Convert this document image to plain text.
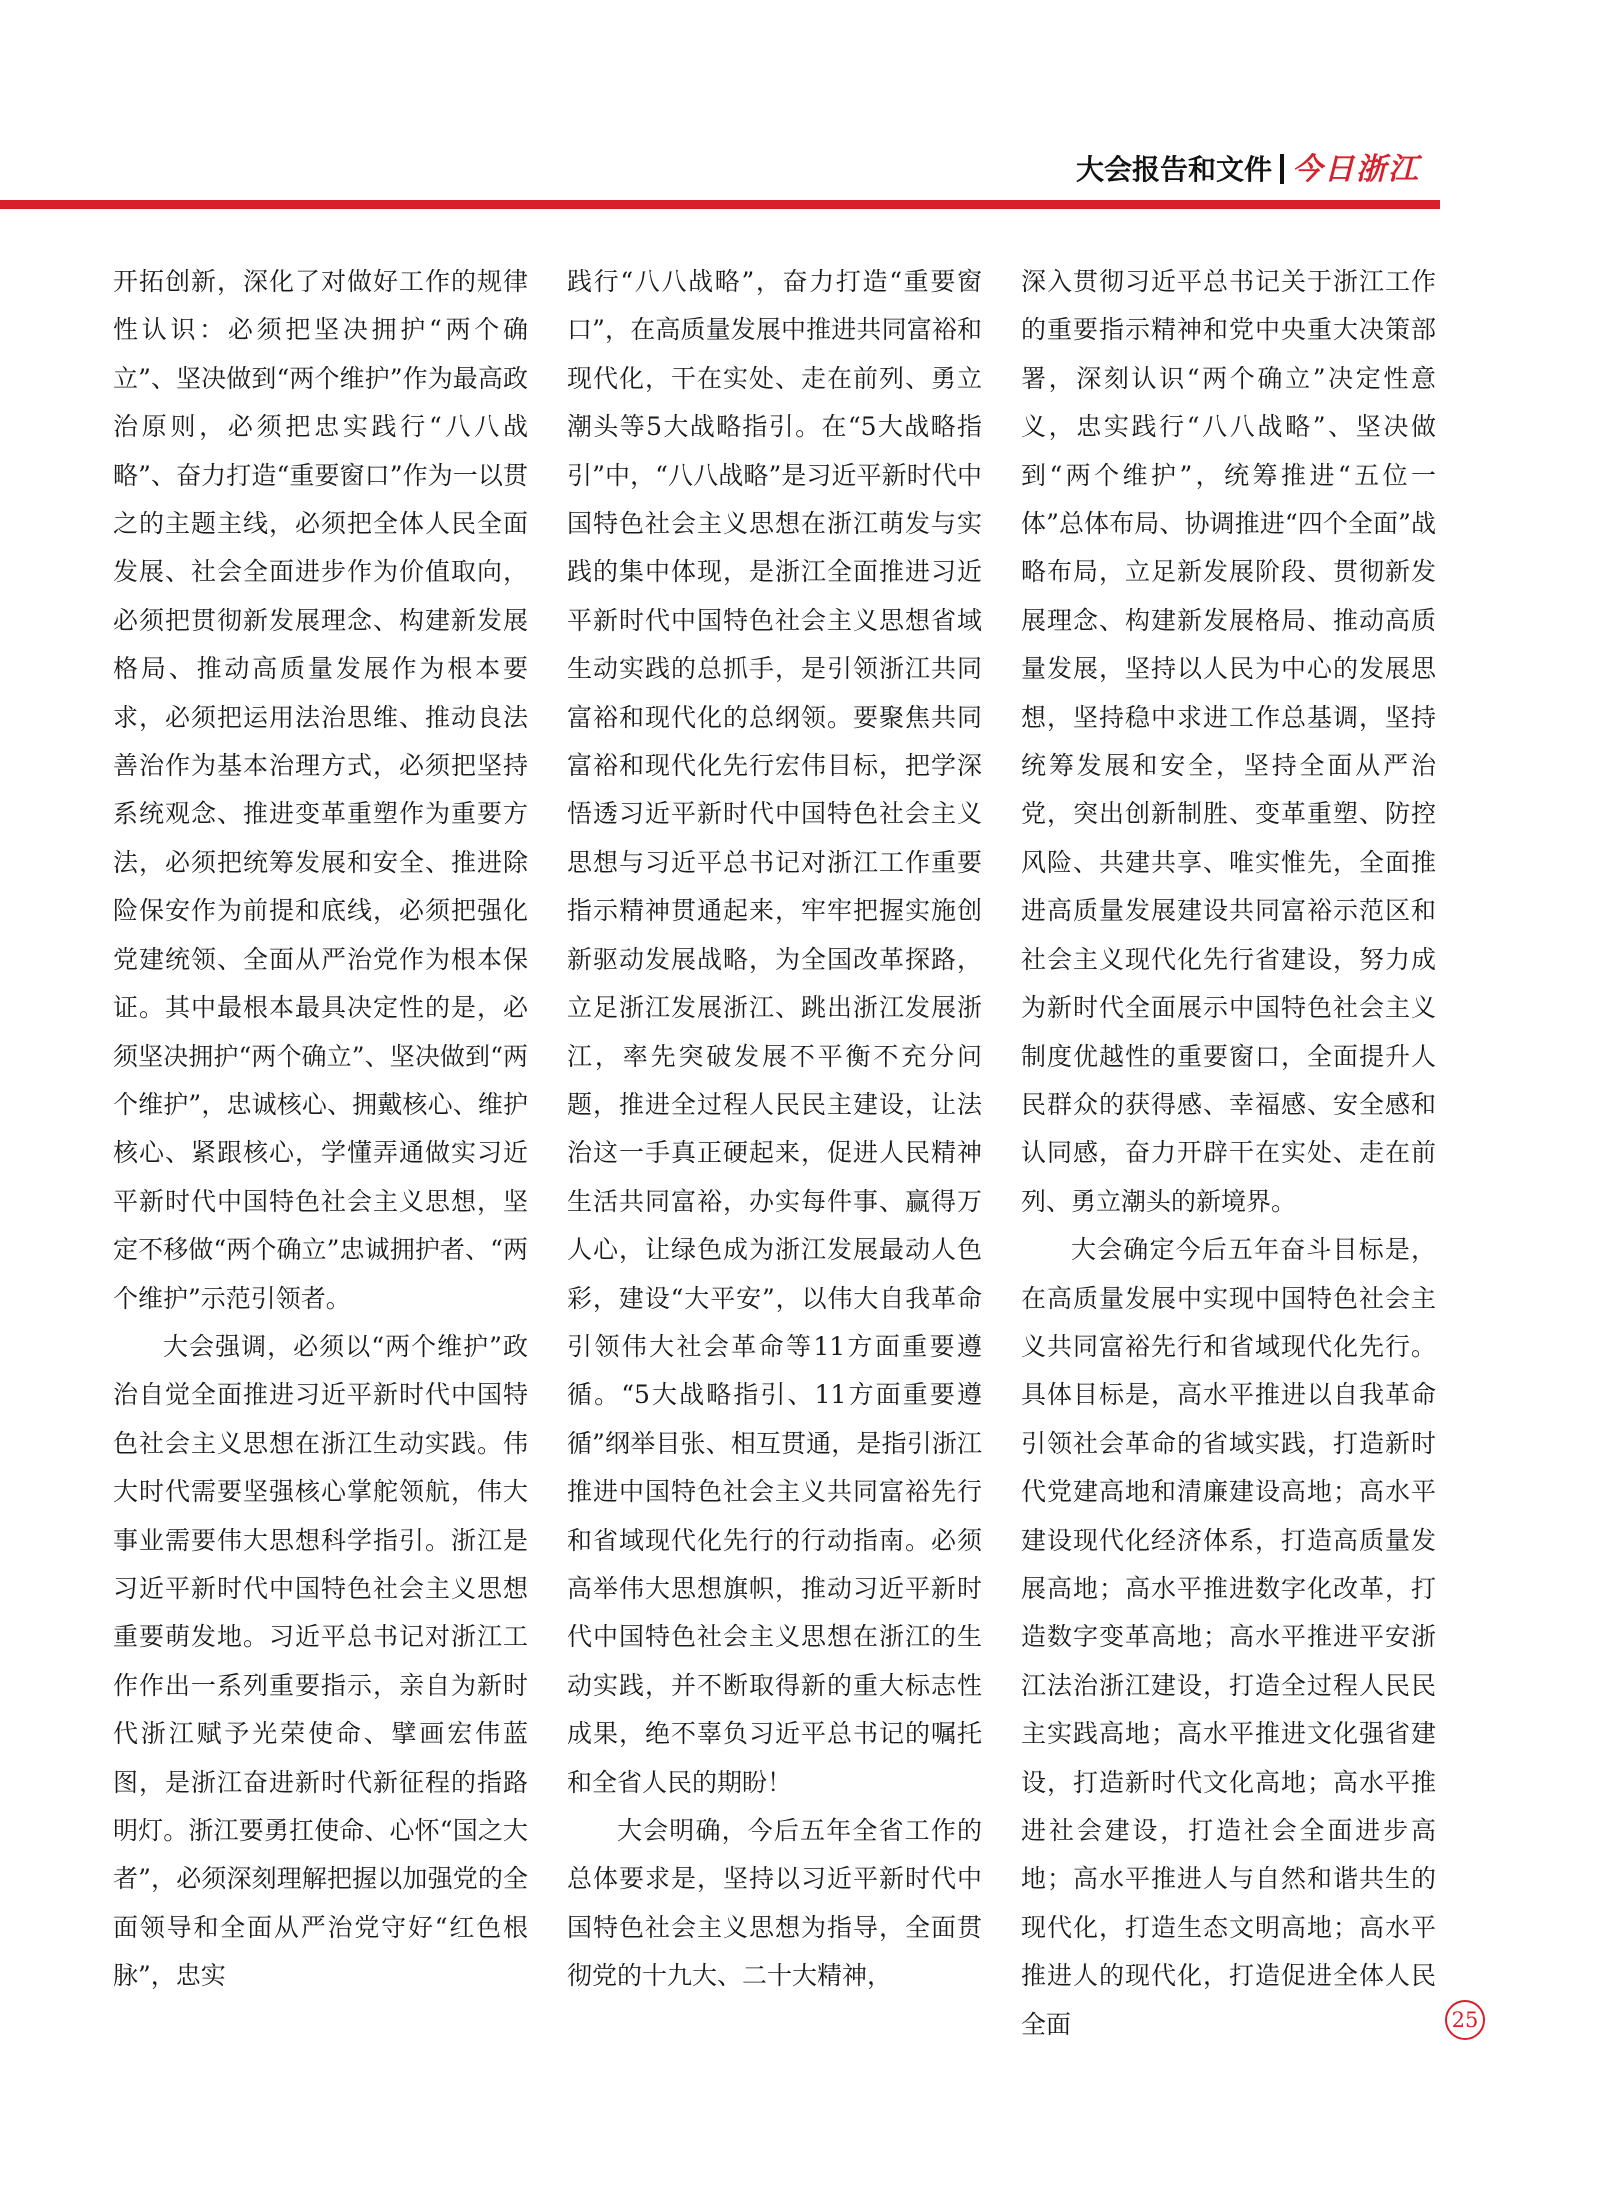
大会报告和文件 今日浙江

开拓创新，深化了对做好工作的规律性认识：必须把坚决拥护“两个确立”、坚决做到“两个维护”作为最高政治原则，必须把忠实践行“八八战略”、奋力打造“重要窗口”作为一以贯之的主题主线，必须把全体人民全面发展、社会全面进步作为价值取向，必须把贯彻新发展理念、构建新发展格局、推动高质量发展作为根本要求，必须把运用法治思维、推动良法善治作为基本治理方式，必须把坚持系统观念、推进变革重塑作为重要方法，必须把统筹发展和安全、推进除险保安作为前提和底线，必须把强化党建统领、全面从严治党作为根本保证。其中最根本最具决定性的是，必须坚决拥护“两个确立”、坚决做到“两个维护”，忠诚核心、拥戴核心、维护核心、紧跟核心，学懂弄通做实习近平新时代中国特色社会主义思想，坚定不移做“两个确立”忠诚拥护者、“两个维护”示范引领者。

大会强调，必须以“两个维护”政治自觉全面推进习近平新时代中国特色社会主义思想在浙江生动实践。伟大时代需要坚强核心掌舵领航，伟大事业需要伟大思想科学指引。浙江是习近平新时代中国特色社会主义思想重要萌发地。习近平总书记对浙江工作作出一系列重要指示，亲自为新时代浙江赋予光荣使命、擘画宏伟蓝图，是浙江奋进新时代新征程的指路明灯。浙江要勇扛使命、心怀“国之大者”，必须深刻理解把握以加强党的全面领导和全面从严治党守好“红色根脉”，忠实

践行“八八战略”，奋力打造“重要窗口”，在高质量发展中推进共同富裕和现代化，干在实处、走在前列、勇立潮头等5大战略指引。在“5大战略指引”中，“八八战略”是习近平新时代中国特色社会主义思想在浙江萌发与实践的集中体现，是浙江全面推进习近平新时代中国特色社会主义思想省域生动实践的总抓手，是引领浙江共同富裕和现代化的总纲领。要聚焦共同富裕和现代化先行宏伟目标，把学深悟透习近平新时代中国特色社会主义思想与习近平总书记对浙江工作重要指示精神贯通起来，牢牢把握实施创新驱动发展战略，为全国改革探路，立足浙江发展浙江、跳出浙江发展浙江，率先突破发展不平衡不充分问题，推进全过程人民民主建设，让法治这一手真正硬起来，促进人民精神生活共同富裕，办实每件事、赢得万人心，让绿色成为浙江发展最动人色彩，建设“大平安”，以伟大自我革命引领伟大社会革命等11方面重要遵循。“5大战略指引、11方面重要遵循”纲举目张、相互贯通，是指引浙江推进中国特色社会主义共同富裕先行和省域现代化先行的行动指南。必须高举伟大思想旗帜，推动习近平新时代中国特色社会主义思想在浙江的生动实践，并不断取得新的重大标志性成果，绝不辜负习近平总书记的嘱托和全省人民的期盼！

大会明确，今后五年全省工作的总体要求是，坚持以习近平新时代中国特色社会主义思想为指导，全面贯彻党的十九大、二十大精神，

深入贯彻习近平总书记关于浙江工作的重要指示精神和党中央重大决策部署，深刻认识“两个确立”决定性意义，忠实践行“八八战略”、坚决做到“两个维护”，统筹推进“五位一体”总体布局、协调推进“四个全面”战略布局，立足新发展阶段、贯彻新发展理念、构建新发展格局、推动高质量发展，坚持以人民为中心的发展思想，坚持稳中求进工作总基调，坚持统筹发展和安全，坚持全面从严治党，突出创新制胜、变革重塑、防控风险、共建共享、唯实惟先，全面推进高质量发展建设共同富裕示范区和社会主义现代化先行省建设，努力成为新时代全面展示中国特色社会主义制度优越性的重要窗口，全面提升人民群众的获得感、幸福感、安全感和认同感，奋力开辟干在实处、走在前列、勇立潮头的新境界。

大会确定今后五年奋斗目标是，在高质量发展中实现中国特色社会主义共同富裕先行和省域现代化先行。具体目标是，高水平推进以自我革命引领社会革命的省域实践，打造新时代党建高地和清廉建设高地；高水平建设现代化经济体系，打造高质量发展高地；高水平推进数字化改革，打造数字变革高地；高水平推进平安浙江法治浙江建设，打造全过程人民民主实践高地；高水平推进文化强省建设，打造新时代文化高地；高水平推进社会建设，打造社会全面进步高地；高水平推进人与自然和谐共生的现代化，打造生态文明高地；高水平推进人的现代化，打造促进全体人民全面	25
